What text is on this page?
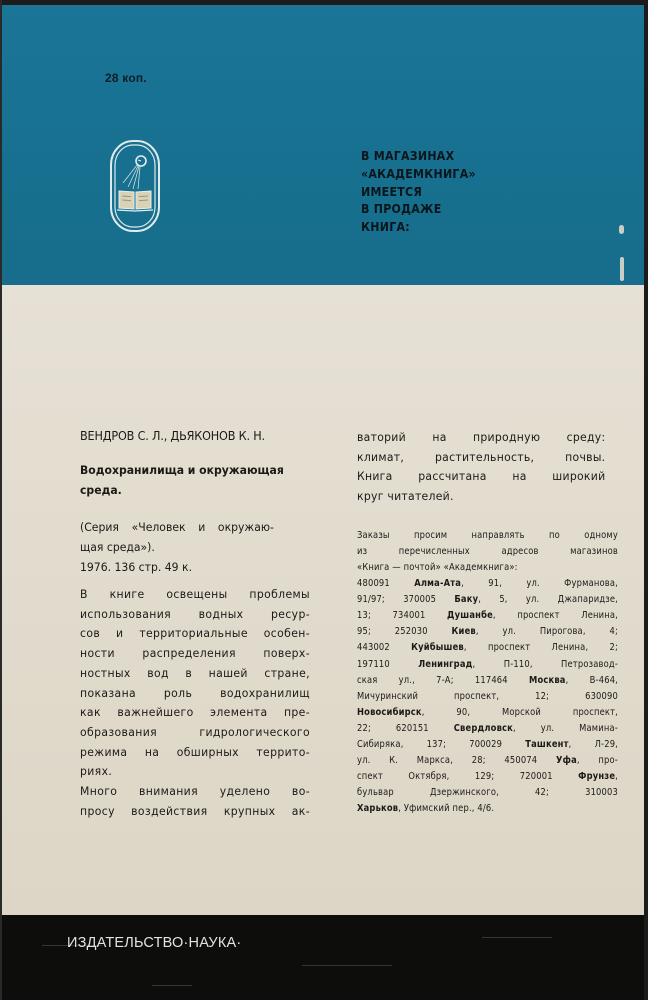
28 коп.
В МАГАЗИНАХ
«АКАДЕМКНИГА»
ИМЕЕТСЯ
В ПРОДАЖЕ
КНИГА:
ВЕНДРОВ С. Л., ДЬЯКОНОВ К. Н.
Водохранилища и окружающая
среда.
(Серия «Человек и окружаю-
щая среда»).
1976. 136 стр. 49 к.
В книге освещены проблемы
использования водных ресур-
сов и территориальные особен-
ности распределения поверх-
ностных вод в нашей стране,
показана роль водохранилищ
как важнейшего элемента пре-
образования гидрологического
режима на обширных террито-
риях.
Много внимания уделено во-
просу воздействия крупных ак-
ваторий на природную среду:
климат, растительность, почвы.
Книга рассчитана на широкий
круг читателей.
Заказы просим направлять по одному
из перечисленных адресов магазинов
«Книга — почтой» «Академкнига»:
480091 Алма-Ата, 91, ул. Фурманова,
91/97; 370005 Баку, 5, ул. Джапаридзе,
13; 734001 Душанбе, проспект Ленина,
95; 252030 Киев, ул. Пирогова, 4;
443002 Куйбышев, проспект Ленина, 2;
197110 Ленинград, П-110, Петрозавод-
ская ул., 7-А; 117464 Москва, В-464,
Мичуринский проспект, 12; 630090
Новосибирск, 90, Морской проспект,
22; 620151 Свердловск, ул. Мамина-
Сибиряка, 137; 700029 Ташкент, Л-29,
ул. К. Маркса, 28; 450074 Уфа, про-
спект Октября, 129; 720001 Фрунзе,
бульвар Дзержинского, 42; 310003
Харьков, Уфимский пер., 4/6.
ИЗДАТЕЛЬСТВО·НАУКА·
